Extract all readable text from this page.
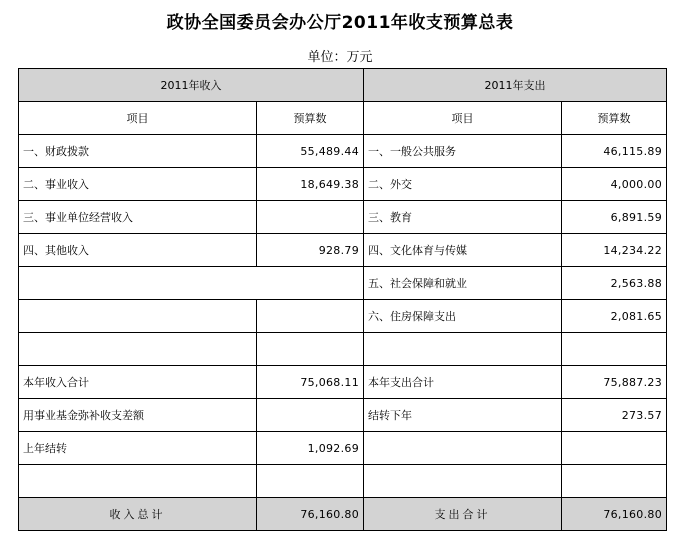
政协全国委员会办公厅2011年收支预算总表
单位：万元
2011年收入		2011年支出	
项目	预算数	项目	预算数
一、财政拨款	55,489.44	一、一般公共服务	46,115.89
二、事业收入	18,649.38	二、外交	4,000.00
三、事业单位经营收入		三、教育	6,891.59
四、其他收入	928.79	四、文化体育与传媒	14,234.22
		五、社会保障和就业	2,563.88
		六、住房保障支出	2,081.65

本年收入合计	75,068.11	本年支出合计	75,887.23
用事业基金弥补收支差额		结转下年	273.57
上年结转	1,092.69		

收入总计	76,160.80	支出合计	76,160.80
